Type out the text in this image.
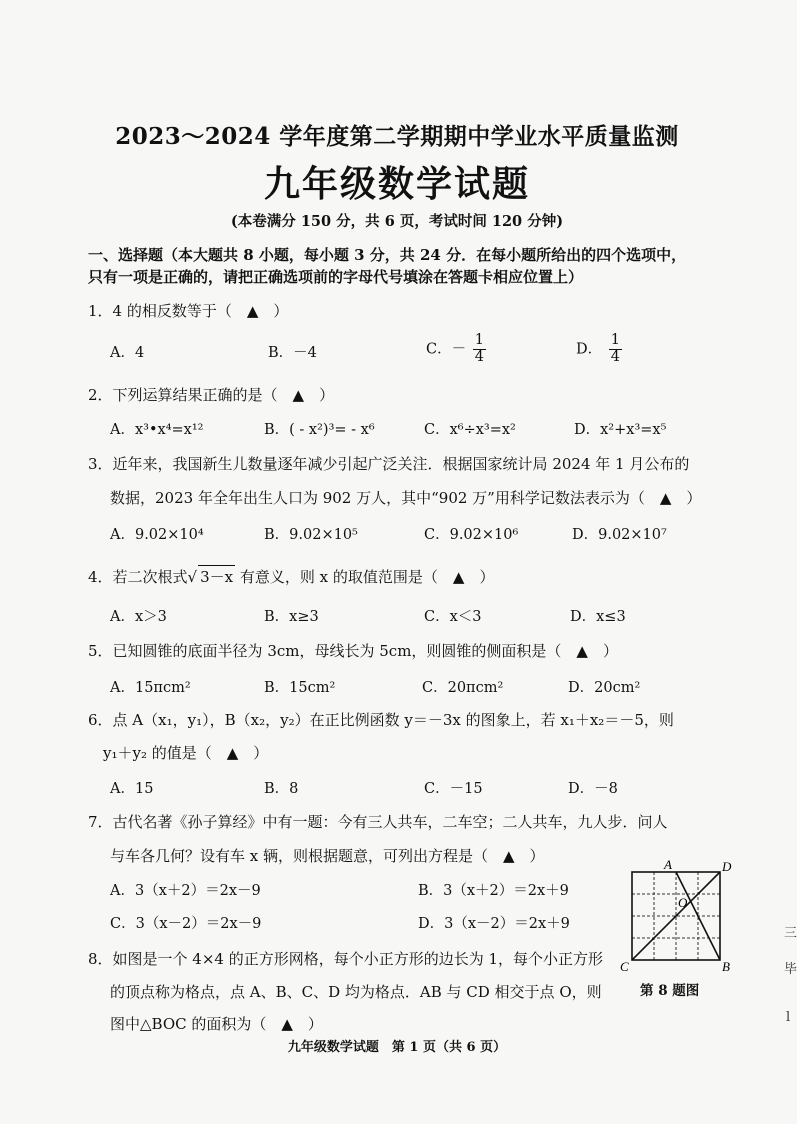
2023～2024 学年度第二学期期中学业水平质量监测
九年级数学试题
(本卷满分 150 分，共 6 页，考试时间 120 分钟)
一、选择题（本大题共 8 小题，每小题 3 分，共 24 分．在每小题所给出的四个选项中，
只有一项是正确的，请把正确选项前的字母代号填涂在答题卡相应位置上）
1．4 的相反数等于（　▲　）
A．4	B．－4	C．－ $\frac{1}{4}$	D． $\frac{1}{4}$
2．下列运算结果正确的是（　▲　）
A．x³•x⁴=x¹²	B．( - x²)³= - x⁶	C．x⁶÷x³=x²	D．x²+x³=x⁵
3．近年来，我国新生儿数量逐年减少引起广泛关注．根据国家统计局 2024 年 1 月公布的
数据，2023 年全年出生人口为 902 万人，其中“902 万”用科学记数法表示为（　▲　）
A．9.02×10⁴	B．9.02×10⁵	C．9.02×10⁶	D．9.02×10⁷
4．若二次根式√ 3－x 有意义，则 x 的取值范围是（　▲　）
A．x＞3	B．x≥3	C．x＜3	D．x≤3
5．已知圆锥的底面半径为 3cm，母线长为 5cm，则圆锥的侧面积是（　▲　）
A．15πcm²	B．15cm²	C．20πcm²	D．20cm²
6．点 A（x₁，y₁），B（x₂，y₂）在正比例函数 y＝－3x 的图象上，若 x₁＋x₂＝－5，则
y₁＋y₂ 的值是（　▲　）
A．15	B．8	C．－15	D．－8
7．古代名著《孙子算经》中有一题：今有三人共车，二车空；二人共车，九人步．问人
与车各几何？设有车 x 辆，则根据题意，可列出方程是（　▲　）
A．3（x＋2）＝2x－9	B．3（x＋2）＝2x＋9
C．3（x－2）＝2x－9	D．3（x－2）＝2x＋9
8．如图是一个 4×4 的正方形网格，每个小正方形的边长为 1，每个小正方形
的顶点称为格点，点 A、B、C、D 均为格点．AB 与 CD 相交于点 O，则
图中△BOC 的面积为（　▲　）
A	D
C	B
O
第 8 题图
三
毕
l
九年级数学试题　第 1 页（共 6 页）
